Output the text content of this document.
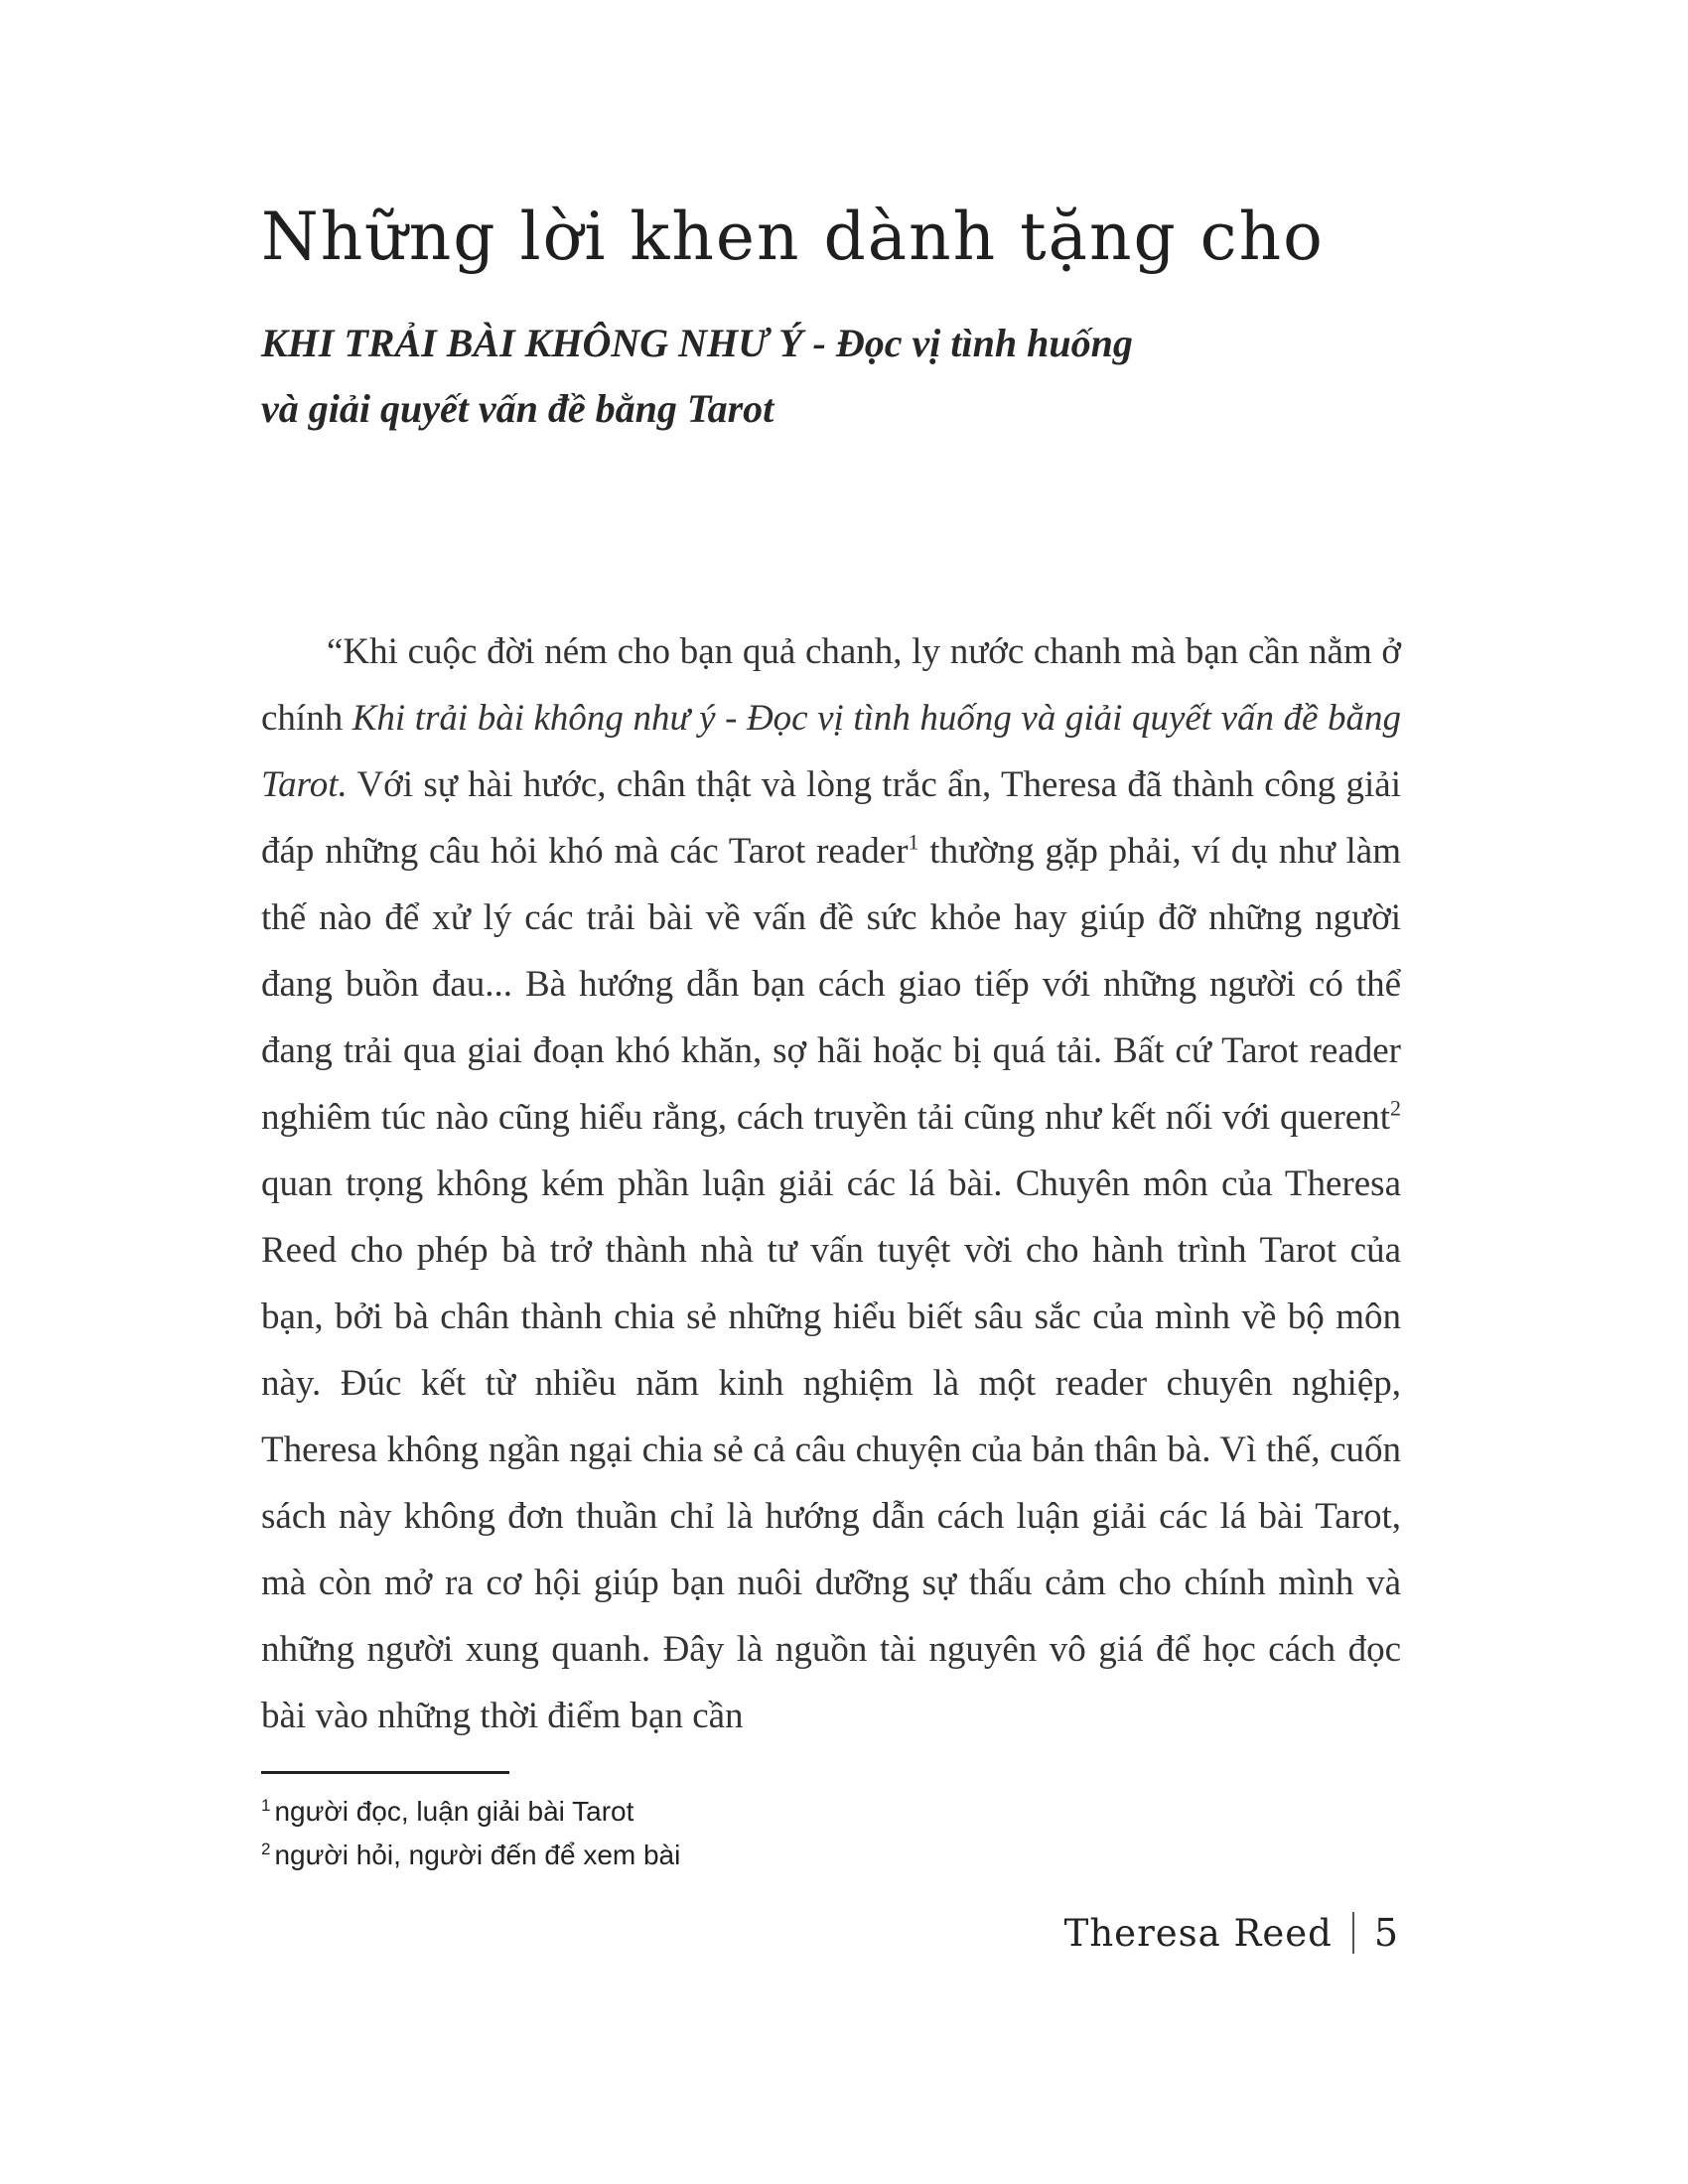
Những lời khen dành tặng cho
KHI TRẢI BÀI KHÔNG NHƯ Ý - Đọc vị tình huống
và giải quyết vấn đề bằng Tarot

“Khi cuộc đời ném cho bạn quả chanh, ly nước chanh mà bạn cần nằm ở chính Khi trải bài không như ý - Đọc vị tình huống và giải quyết vấn đề bằng Tarot. Với sự hài hước, chân thật và lòng trắc ẩn, Theresa đã thành công giải đáp những câu hỏi khó mà các Tarot reader$^1$ thường gặp phải, ví dụ như làm thế nào để xử lý các trải bài về vấn đề sức khỏe hay giúp đỡ những người đang buồn đau... Bà hướng dẫn bạn cách giao tiếp với những người có thể đang trải qua giai đoạn khó khăn, sợ hãi hoặc bị quá tải. Bất cứ Tarot reader nghiêm túc nào cũng hiểu rằng, cách truyền tải cũng như kết nối với querent$^2$ quan trọng không kém phần luận giải các lá bài. Chuyên môn của Theresa Reed cho phép bà trở thành nhà tư vấn tuyệt vời cho hành trình Tarot của bạn, bởi bà chân thành chia sẻ những hiểu biết sâu sắc của mình về bộ môn này. Đúc kết từ nhiều năm kinh nghiệm là một reader chuyên nghiệp, Theresa không ngần ngại chia sẻ cả câu chuyện của bản thân bà. Vì thế, cuốn sách này không đơn thuần chỉ là hướng dẫn cách luận giải các lá bài Tarot, mà còn mở ra cơ hội giúp bạn nuôi dưỡng sự thấu cảm cho chính mình và những người xung quanh. Đây là nguồn tài nguyên vô giá để học cách đọc bài vào những thời điểm bạn cần

$^1$ người đọc, luận giải bài Tarot
$^2$ người hỏi, người đến để xem bài
Theresa Reed 5
